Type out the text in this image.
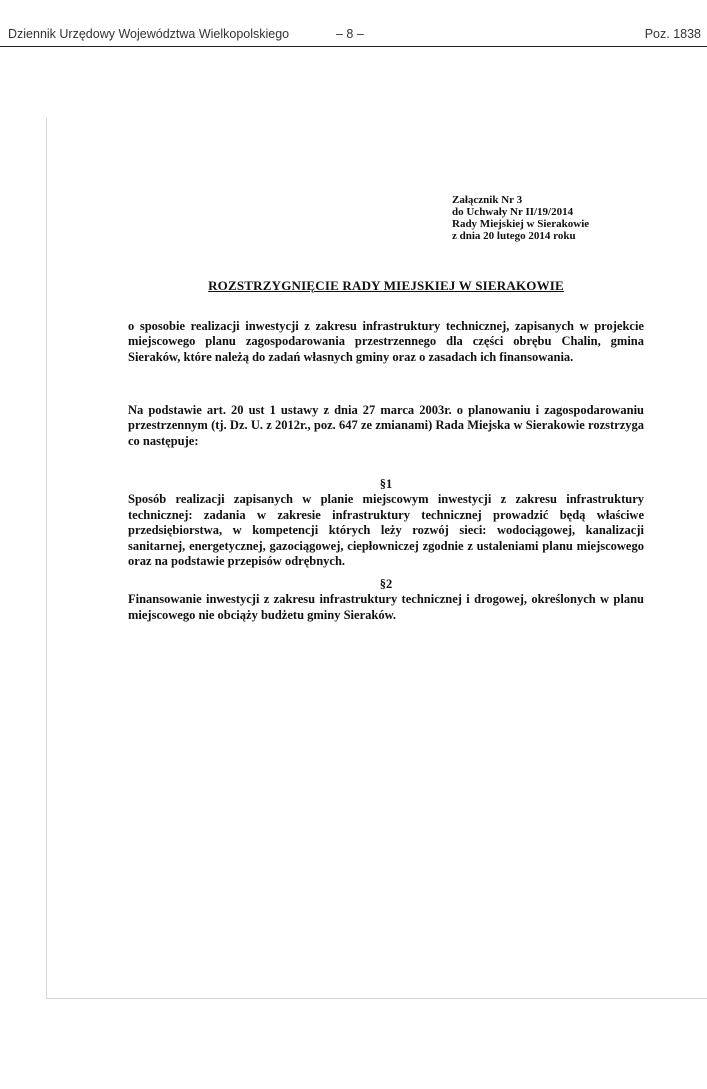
Dziennik Urzędowy Województwa Wielkopolskiego	– 8 –	Poz. 1838
Załącznik Nr 3
do Uchwały Nr II/19/2014
Rady Miejskiej w Sierakowie
z dnia 20 lutego 2014 roku
ROZSTRZYGNIĘCIE RADY MIEJSKIEJ W SIERAKOWIE
o sposobie realizacji inwestycji z zakresu infrastruktury technicznej, zapisanych w projekcie miejscowego planu zagospodarowania przestrzennego dla części obrębu Chalin, gmina Sieraków, które należą do zadań własnych gminy oraz o zasadach ich finansowania.
Na podstawie art. 20 ust 1 ustawy z dnia 27 marca 2003r. o planowaniu i zagospodarowaniu przestrzennym (tj. Dz. U. z 2012r., poz. 647 ze zmianami) Rada Miejska w Sierakowie rozstrzyga co następuje:
§1
Sposób realizacji zapisanych w planie miejscowym inwestycji z zakresu infrastruktury technicznej: zadania w zakresie infrastruktury technicznej prowadzić będą właściwe przedsiębiorstwa, w kompetencji których leży rozwój sieci: wodociągowej, kanalizacji sanitarnej, energetycznej, gazociągowej, ciepłowniczej zgodnie z ustaleniami planu miejscowego oraz na podstawie przepisów odrębnych.
§2
Finansowanie inwestycji z zakresu infrastruktury technicznej i drogowej, określonych w planu miejscowego nie obciąży budżetu gminy Sieraków.
